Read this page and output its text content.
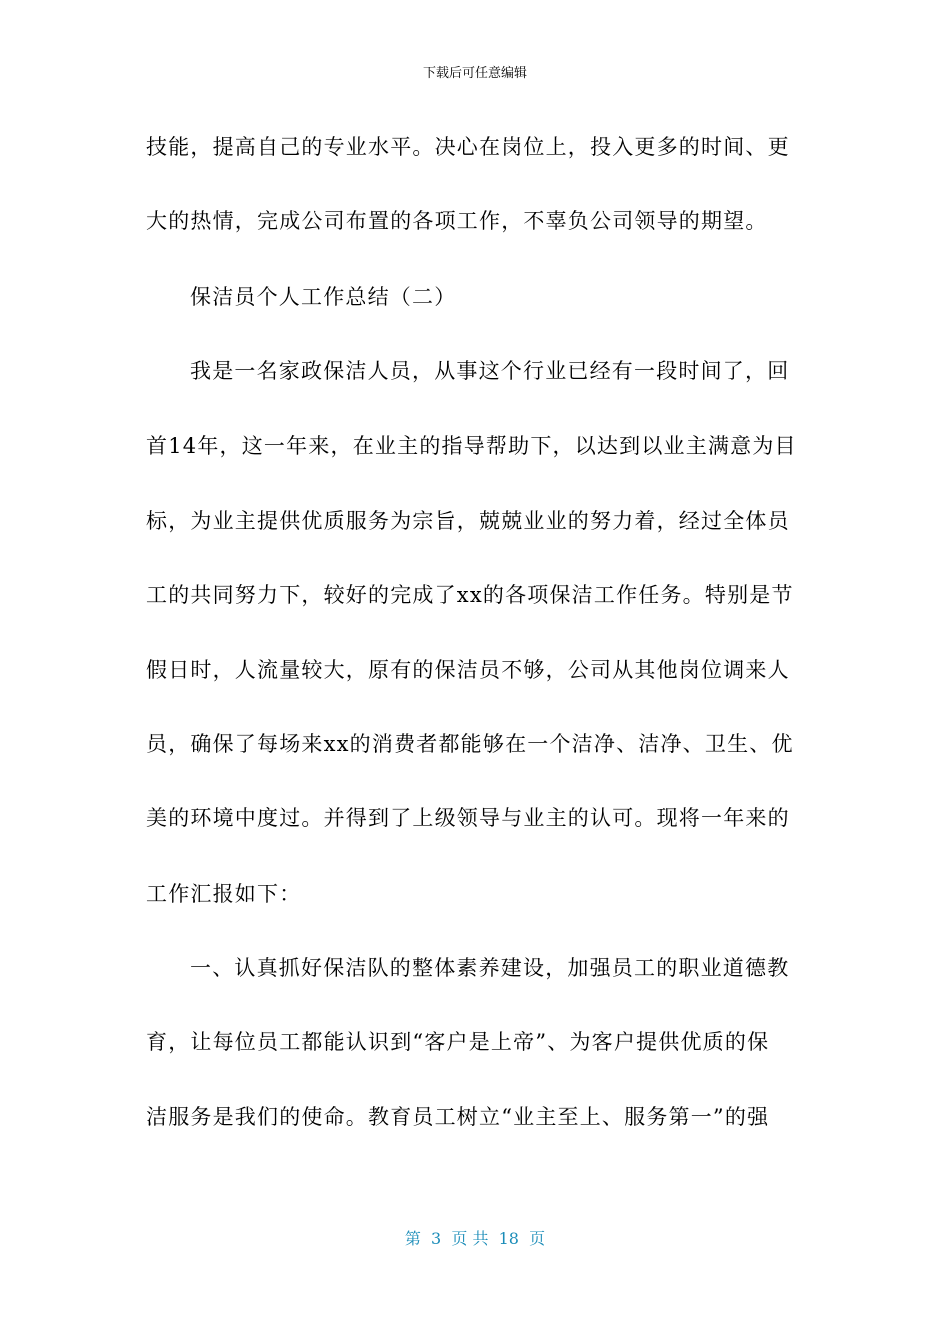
下载后可任意编辑
技能，提高自己的专业水平。决心在岗位上，投入更多的时间、更
大的热情，完成公司布置的各项工作，不辜负公司领导的期望。
保洁员个人工作总结（二）
我是一名家政保洁人员，从事这个行业已经有一段时间了，回
首14年，这一年来，在业主的指导帮助下，以达到以业主满意为目
标，为业主提供优质服务为宗旨，兢兢业业的努力着，经过全体员
工的共同努力下，较好的完成了xx的各项保洁工作任务。特别是节
假日时，人流量较大，原有的保洁员不够，公司从其他岗位调来人
员，确保了每场来xx的消费者都能够在一个洁净、洁净、卫生、优
美的环境中度过。并得到了上级领导与业主的认可。现将一年来的
工作汇报如下：
一、认真抓好保洁队的整体素养建设，加强员工的职业道德教
育，让每位员工都能认识到“客户是上帝”、为客户提供优质的保
洁服务是我们的使命。教育员工树立“业主至上、服务第一”的强
第  3  页 共  18  页
